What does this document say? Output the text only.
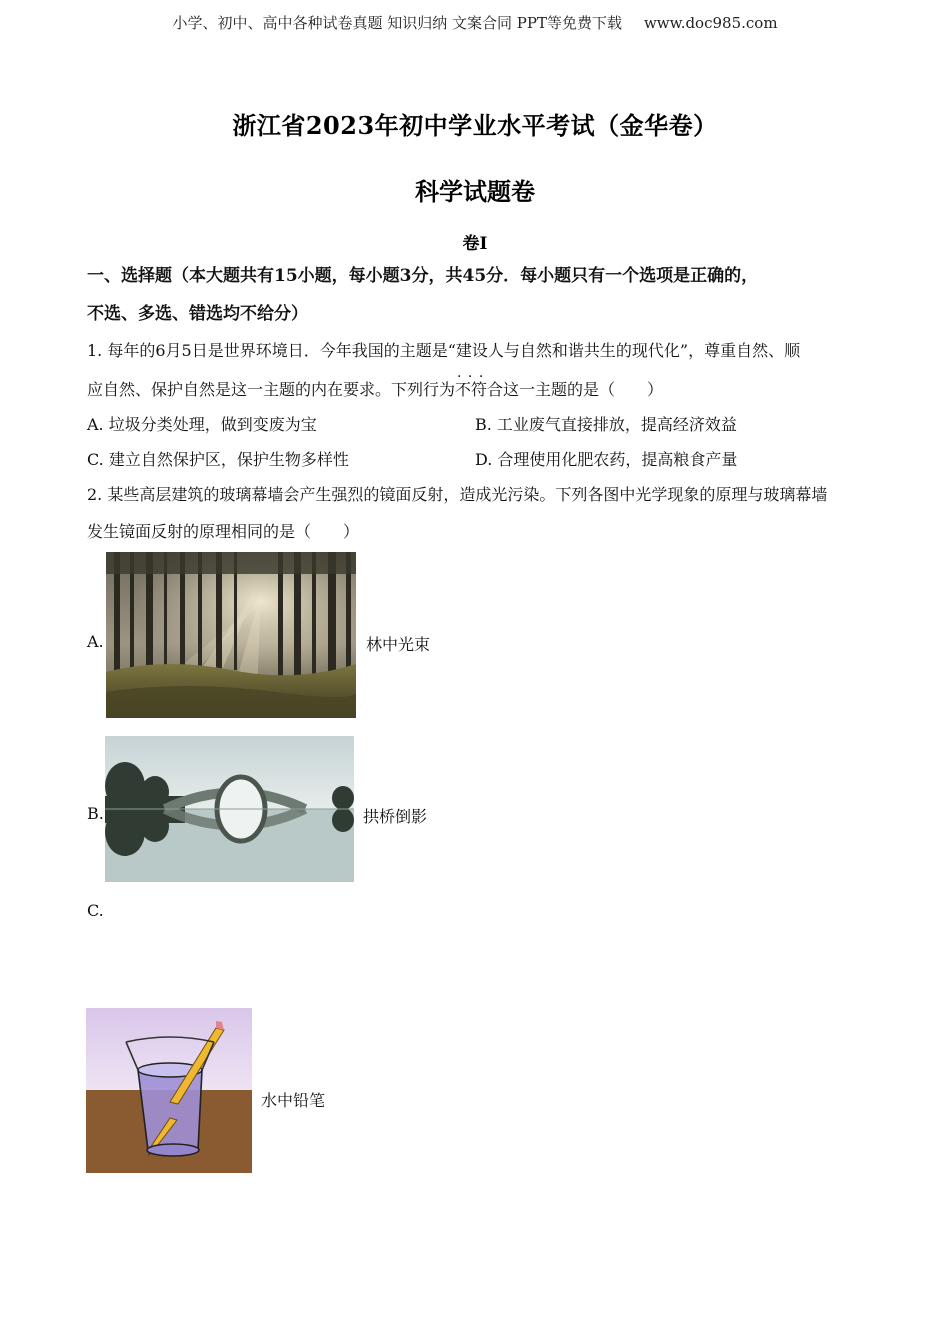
小学、初中、高中各种试卷真题 知识归纳 文案合同 PPT等免费下载 www.doc985.com
浙江省2023年初中学业水平考试（金华卷）
科学试题卷
卷I
一、选择题（本大题共有15小题，每小题3分，共45分．每小题只有一个选项是正确的，
不选、多选、错选均不给分）
1. 每年的6月5日是世界环境日．今年我国的主题是“建设人与自然和谐共生的现代化”，尊重自然、顺
应自然、保护自然是这一主题的内在要求。下列行为· · · 不符合这一主题的是（　　）
A. 垃圾分类处理，做到变废为宝	B. 工业废气直接排放，提高经济效益
C. 建立自然保护区，保护生物多样性	D. 合理使用化肥农药，提高粮食产量
2. 某些高层建筑的玻璃幕墙会产生强烈的镜面反射，造成光污染。下列各图中光学现象的原理与玻璃幕墙
发生镜面反射的原理相同的是（　　）
A.	林中光束
B.	拱桥倒影
C.
水中铅笔
